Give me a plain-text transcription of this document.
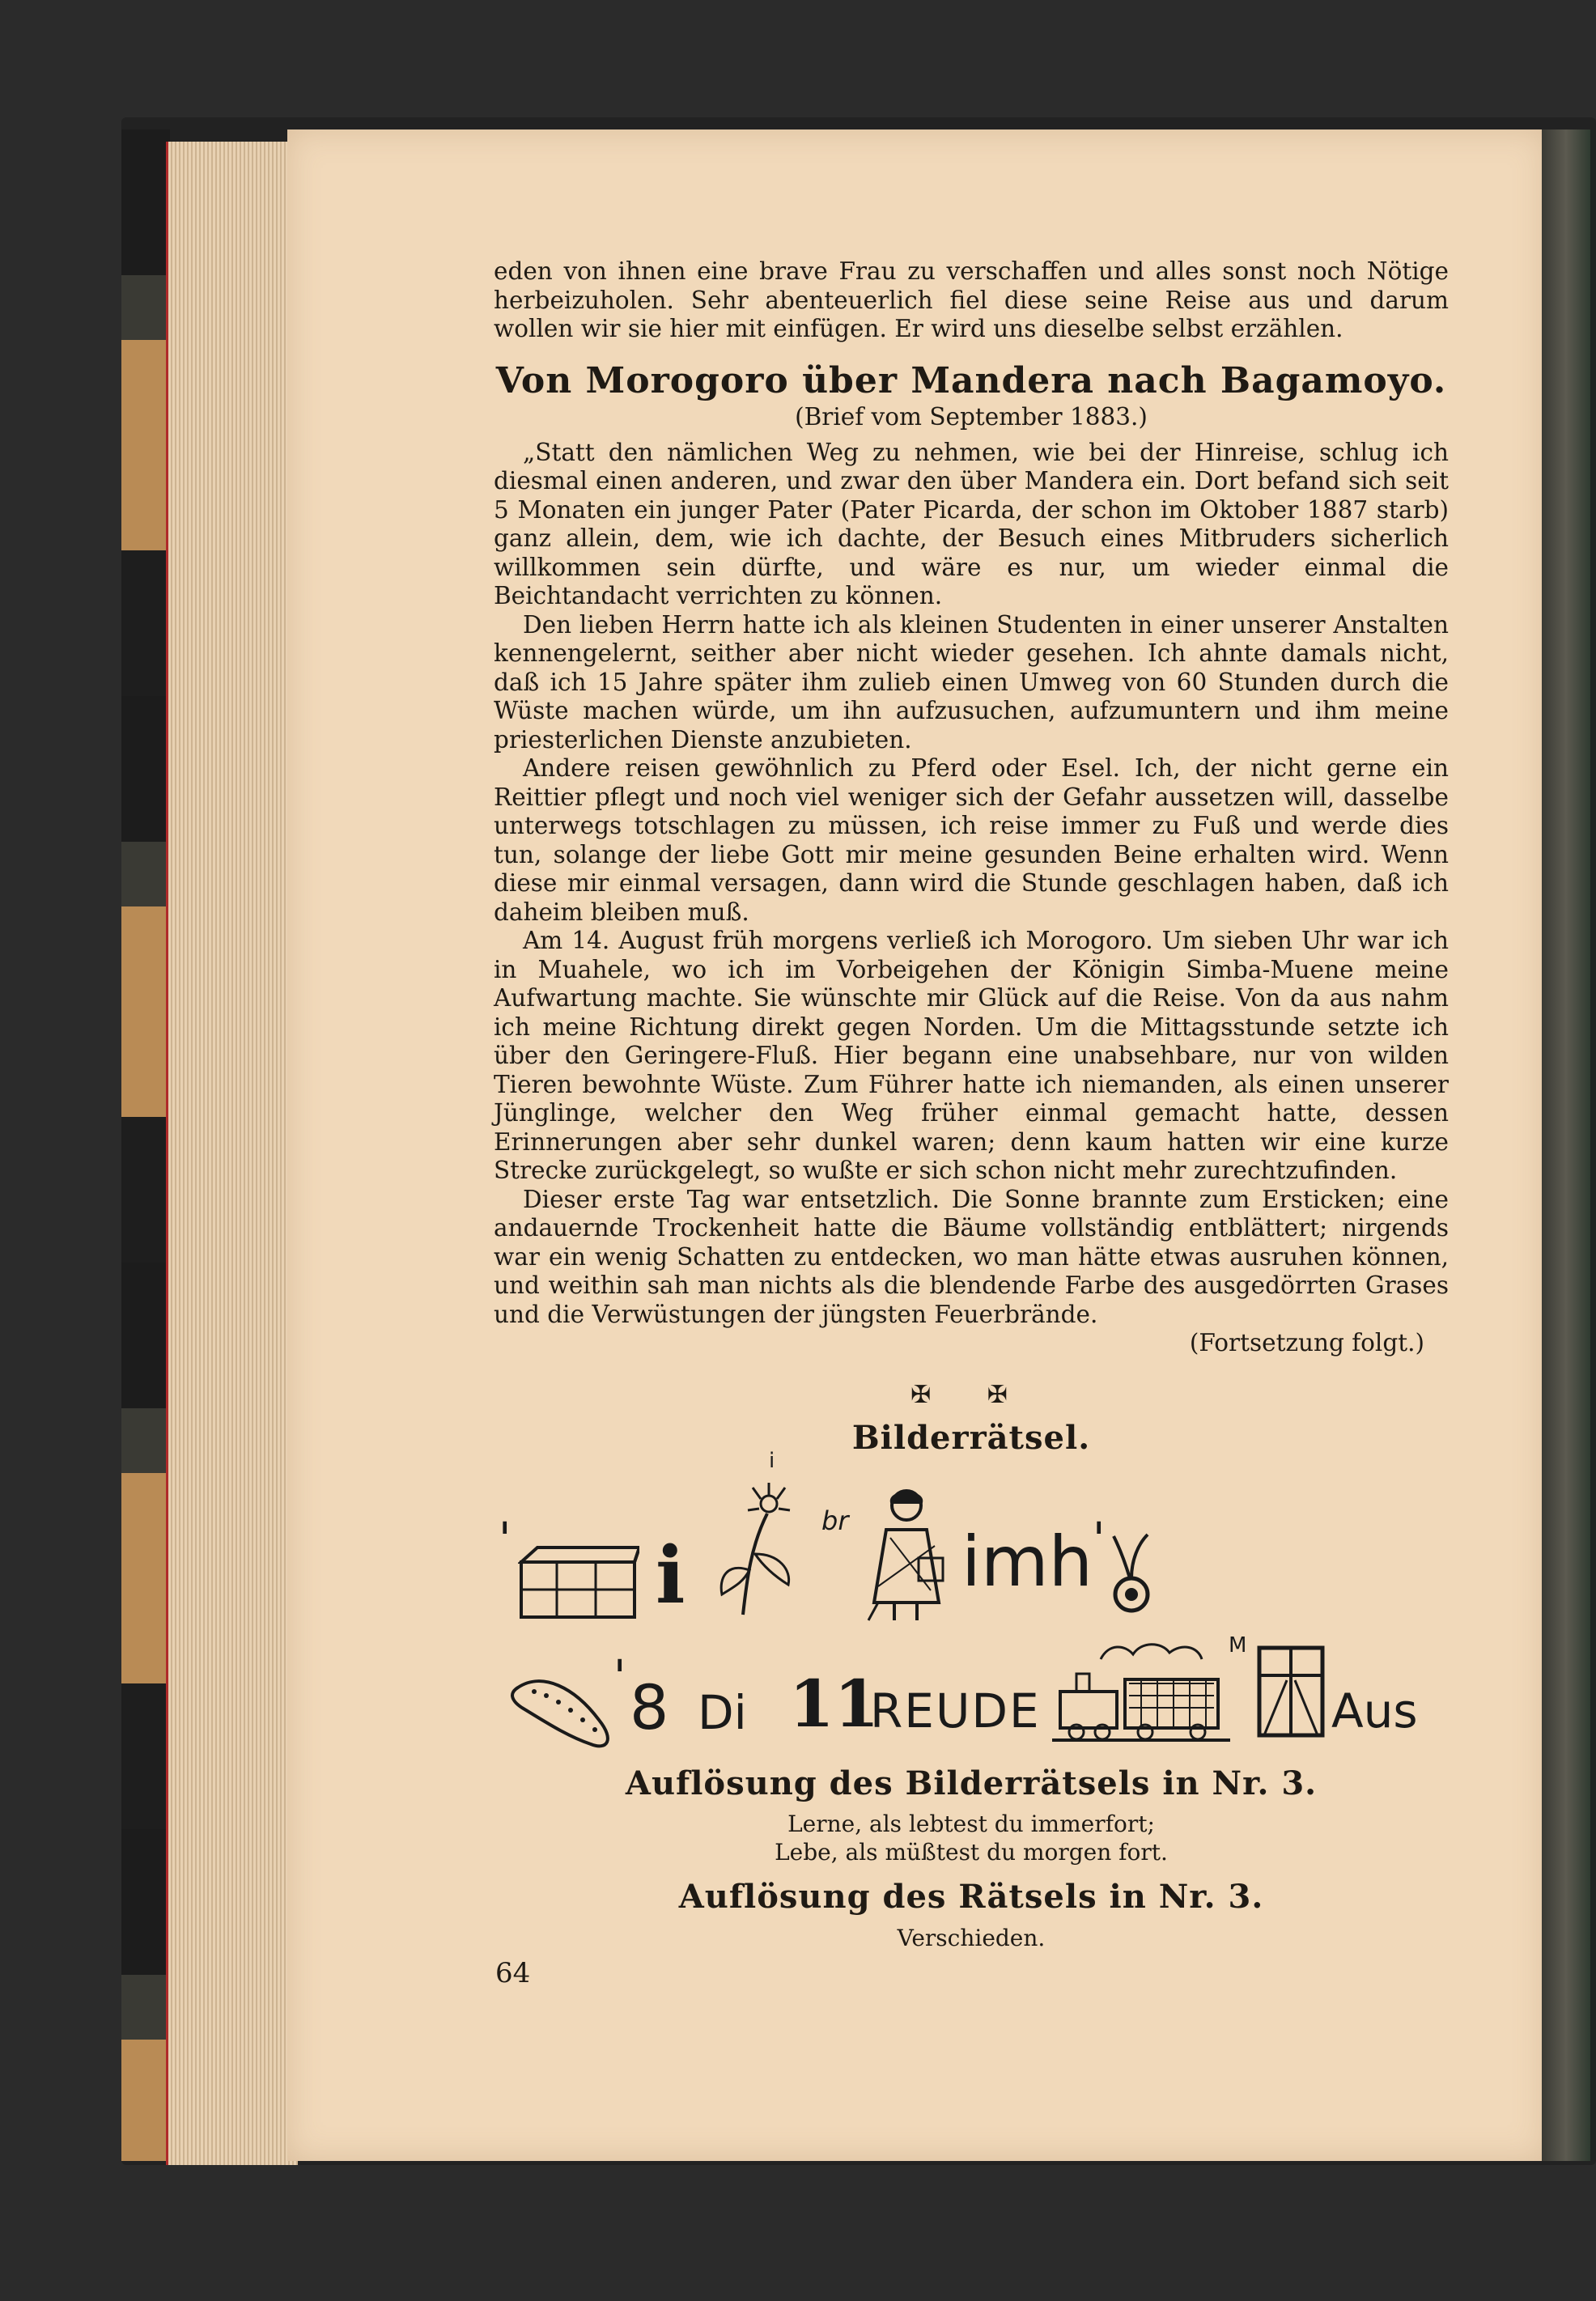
eden von ihnen eine brave Frau zu verschaffen und alles sonst noch Nötige herbeizuholen. Sehr abenteuerlich fiel diese seine Reise aus und darum wollen wir sie hier mit einfügen. Er wird uns dieselbe selbst erzählen.

Von Morogoro über Mandera nach Bagamoyo.
(Brief vom September 1883.)

„Statt den nämlichen Weg zu nehmen, wie bei der Hinreise, schlug ich diesmal einen anderen, und zwar den über Mandera ein. Dort befand sich seit 5 Monaten ein junger Pater (Pater Picarda, der schon im Oktober 1887 starb) ganz allein, dem, wie ich dachte, der Besuch eines Mitbruders sicherlich willkommen sein dürfte, und wäre es nur, um wieder einmal die Beichtandacht verrichten zu können.

Den lieben Herrn hatte ich als kleinen Studenten in einer unserer Anstalten kennengelernt, seither aber nicht wieder gesehen. Ich ahnte damals nicht, daß ich 15 Jahre später ihm zulieb einen Umweg von 60 Stunden durch die Wüste machen würde, um ihn aufzusuchen, aufzumuntern und ihm meine priesterlichen Dienste anzubieten.

Andere reisen gewöhnlich zu Pferd oder Esel. Ich, der nicht gerne ein Reittier pflegt und noch viel weniger sich der Gefahr aussetzen will, dasselbe unterwegs totschlagen zu müssen, ich reise immer zu Fuß und werde dies tun, solange der liebe Gott mir meine gesunden Beine erhalten wird. Wenn diese mir einmal versagen, dann wird die Stunde geschlagen haben, daß ich daheim bleiben muß.

Am 14. August früh morgens verließ ich Morogoro. Um sieben Uhr war ich in Muahele, wo ich im Vorbeigehen der Königin Simba-Muene meine Aufwartung machte. Sie wünschte mir Glück auf die Reise. Von da aus nahm ich meine Richtung direkt gegen Norden. Um die Mittagsstunde setzte ich über den Geringere-Fluß. Hier begann eine unabsehbare, nur von wilden Tieren bewohnte Wüste. Zum Führer hatte ich niemanden, als einen unserer Jünglinge, welcher den Weg früher einmal gemacht hatte, dessen Erinnerungen aber sehr dunkel waren; denn kaum hatten wir eine kurze Strecke zurückgelegt, so wußte er sich schon nicht mehr zurechtzufinden.

Dieser erste Tag war entsetzlich. Die Sonne brannte zum Ersticken; eine andauernde Trockenheit hatte die Bäume vollständig entblättert; nirgends war ein wenig Schatten zu entdecken, wo man hätte etwas ausruhen können, und weithin sah man nichts als die blendende Farbe des ausgedörrten Grases und die Verwüstungen der jüngsten Feuerbrände.

(Fortsetzung folgt.)

✠ ✠
Bilderrätsel.
' i
i
br
imh '
' 8 Di 11
REUDE
M
Aus
Auflösung des Bilderrätsels in Nr. 3.
Lerne, als lebtest du immerfort;
Lebe, als müßtest du morgen fort.
Auflösung des Rätsels in Nr. 3.
Verschieden.
64
